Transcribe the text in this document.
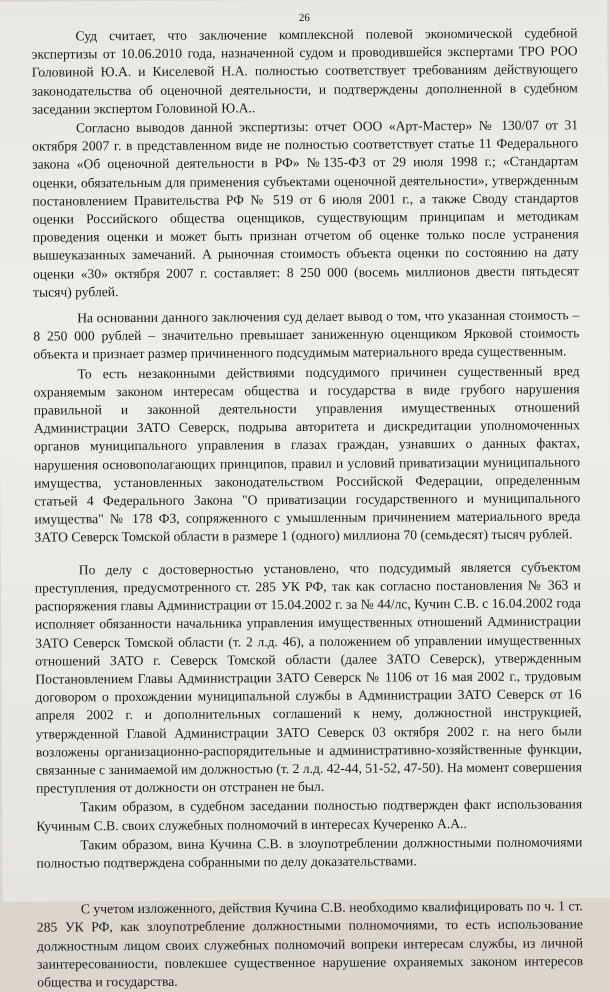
26

Суд считает, что заключение комплексной полевой экономической судебной экспертизы от 10.06.2010 года, назначенной судом и проводившейся экспертами ТРО РОО Головиной Ю.А. и Киселевой Н.А. полностью соответствует требованиям действующего законодательства об оценочной деятельности, и подтверждены дополненной в судебном заседании экспертом Головиной Ю.А..

Согласно выводов данной экспертизы: отчет ООО «Арт-Мастер» № 130/07 от 31 октября 2007 г. в представленном виде не полностью соответствует статье 11 Федерального закона «Об оценочной деятельности в РФ» №135-ФЗ от 29 июля 1998 г.; «Стандартам оценки, обязательным для применения субъектами оценочной деятельности», утвержденным постановлением Правительства РФ № 519 от 6 июля 2001 г., а также Своду стандартов оценки Российского общества оценщиков, существующим принципам и методикам проведения оценки и может быть признан отчетом об оценке только после устранения вышеуказанных замечаний. А рыночная стоимость объекта оценки по состоянию на дату оценки «30» октября 2007 г. составляет: 8 250 000 (восемь миллионов двести пятьдесят тысяч) рублей.

На основании данного заключения суд делает вывод о том, что указанная стоимость – 8 250 000 рублей – значительно превышает заниженную оценщиком Ярковой стоимость объекта и признает размер причиненного подсудимым материального вреда существенным.

То есть незаконными действиями подсудимого причинен существенный вред охраняемым законом интересам общества и государства в виде грубого нарушения правильной и законной деятельности управления имущественных отношений Администрации ЗАТО Северск, подрыва авторитета и дискредитации уполномоченных органов муниципального управления в глазах граждан, узнавших о данных фактах, нарушения основополагающих принципов, правил и условий приватизации муниципального имущества, установленных законодательством Российской Федерации, определенным статьей 4 Федерального Закона "О приватизации государственного и муниципального имущества" № 178 ФЗ, сопряженного с умышленным причинением материального вреда ЗАТО Северск Томской области в размере 1 (одного) миллиона 70 (семьдесят) тысяч рублей.

По делу с достоверностью установлено, что подсудимый является субъектом преступления, предусмотренного ст. 285 УК РФ, так как согласно постановления № 363 и распоряжения главы Администрации от 15.04.2002 г. за № 44/лс, Кучин С.В. с 16.04.2002 года исполняет обязанности начальника управления имущественных отношений Администрации ЗАТО Северск Томской области (т. 2 л.д. 46), а положением об управлении имущественных отношений ЗАТО г. Северск Томской области (далее ЗАТО Северск), утвержденным Постановлением Главы Администрации ЗАТО Северск № 1106 от 16 мая 2002 г., трудовым договором о прохождении муниципальной службы в Администрации ЗАТО Северск от 16 апреля 2002 г. и дополнительных соглашений к нему, должностной инструкцией, утвержденной Главой Администрации ЗАТО Северск 03 октября 2002 г. на него были возложены организационно-распорядительные и административно-хозяйственные функции, связанные с занимаемой им должностью (т. 2 л.д. 42-44, 51-52, 47-50). На момент совершения преступления от должности он отстранен не был.

Таким образом, в судебном заседании полностью подтвержден факт использования Кучиным С.В. своих служебных полномочий в интересах Кучеренко А.А..

Таким образом, вина Кучина С.В. в злоупотреблении должностными полномочиями полностью подтверждена собранными по делу доказательствами.

С учетом изложенного, действия Кучина С.В. необходимо квалифицировать по ч. 1 ст. 285 УК РФ, как злоупотребление должностными полномочиями, то есть использование должностным лицом своих служебных полномочий вопреки интересам службы, из личной заинтересованности, повлекшее существенное нарушение охраняемых законом интересов общества и государства.
